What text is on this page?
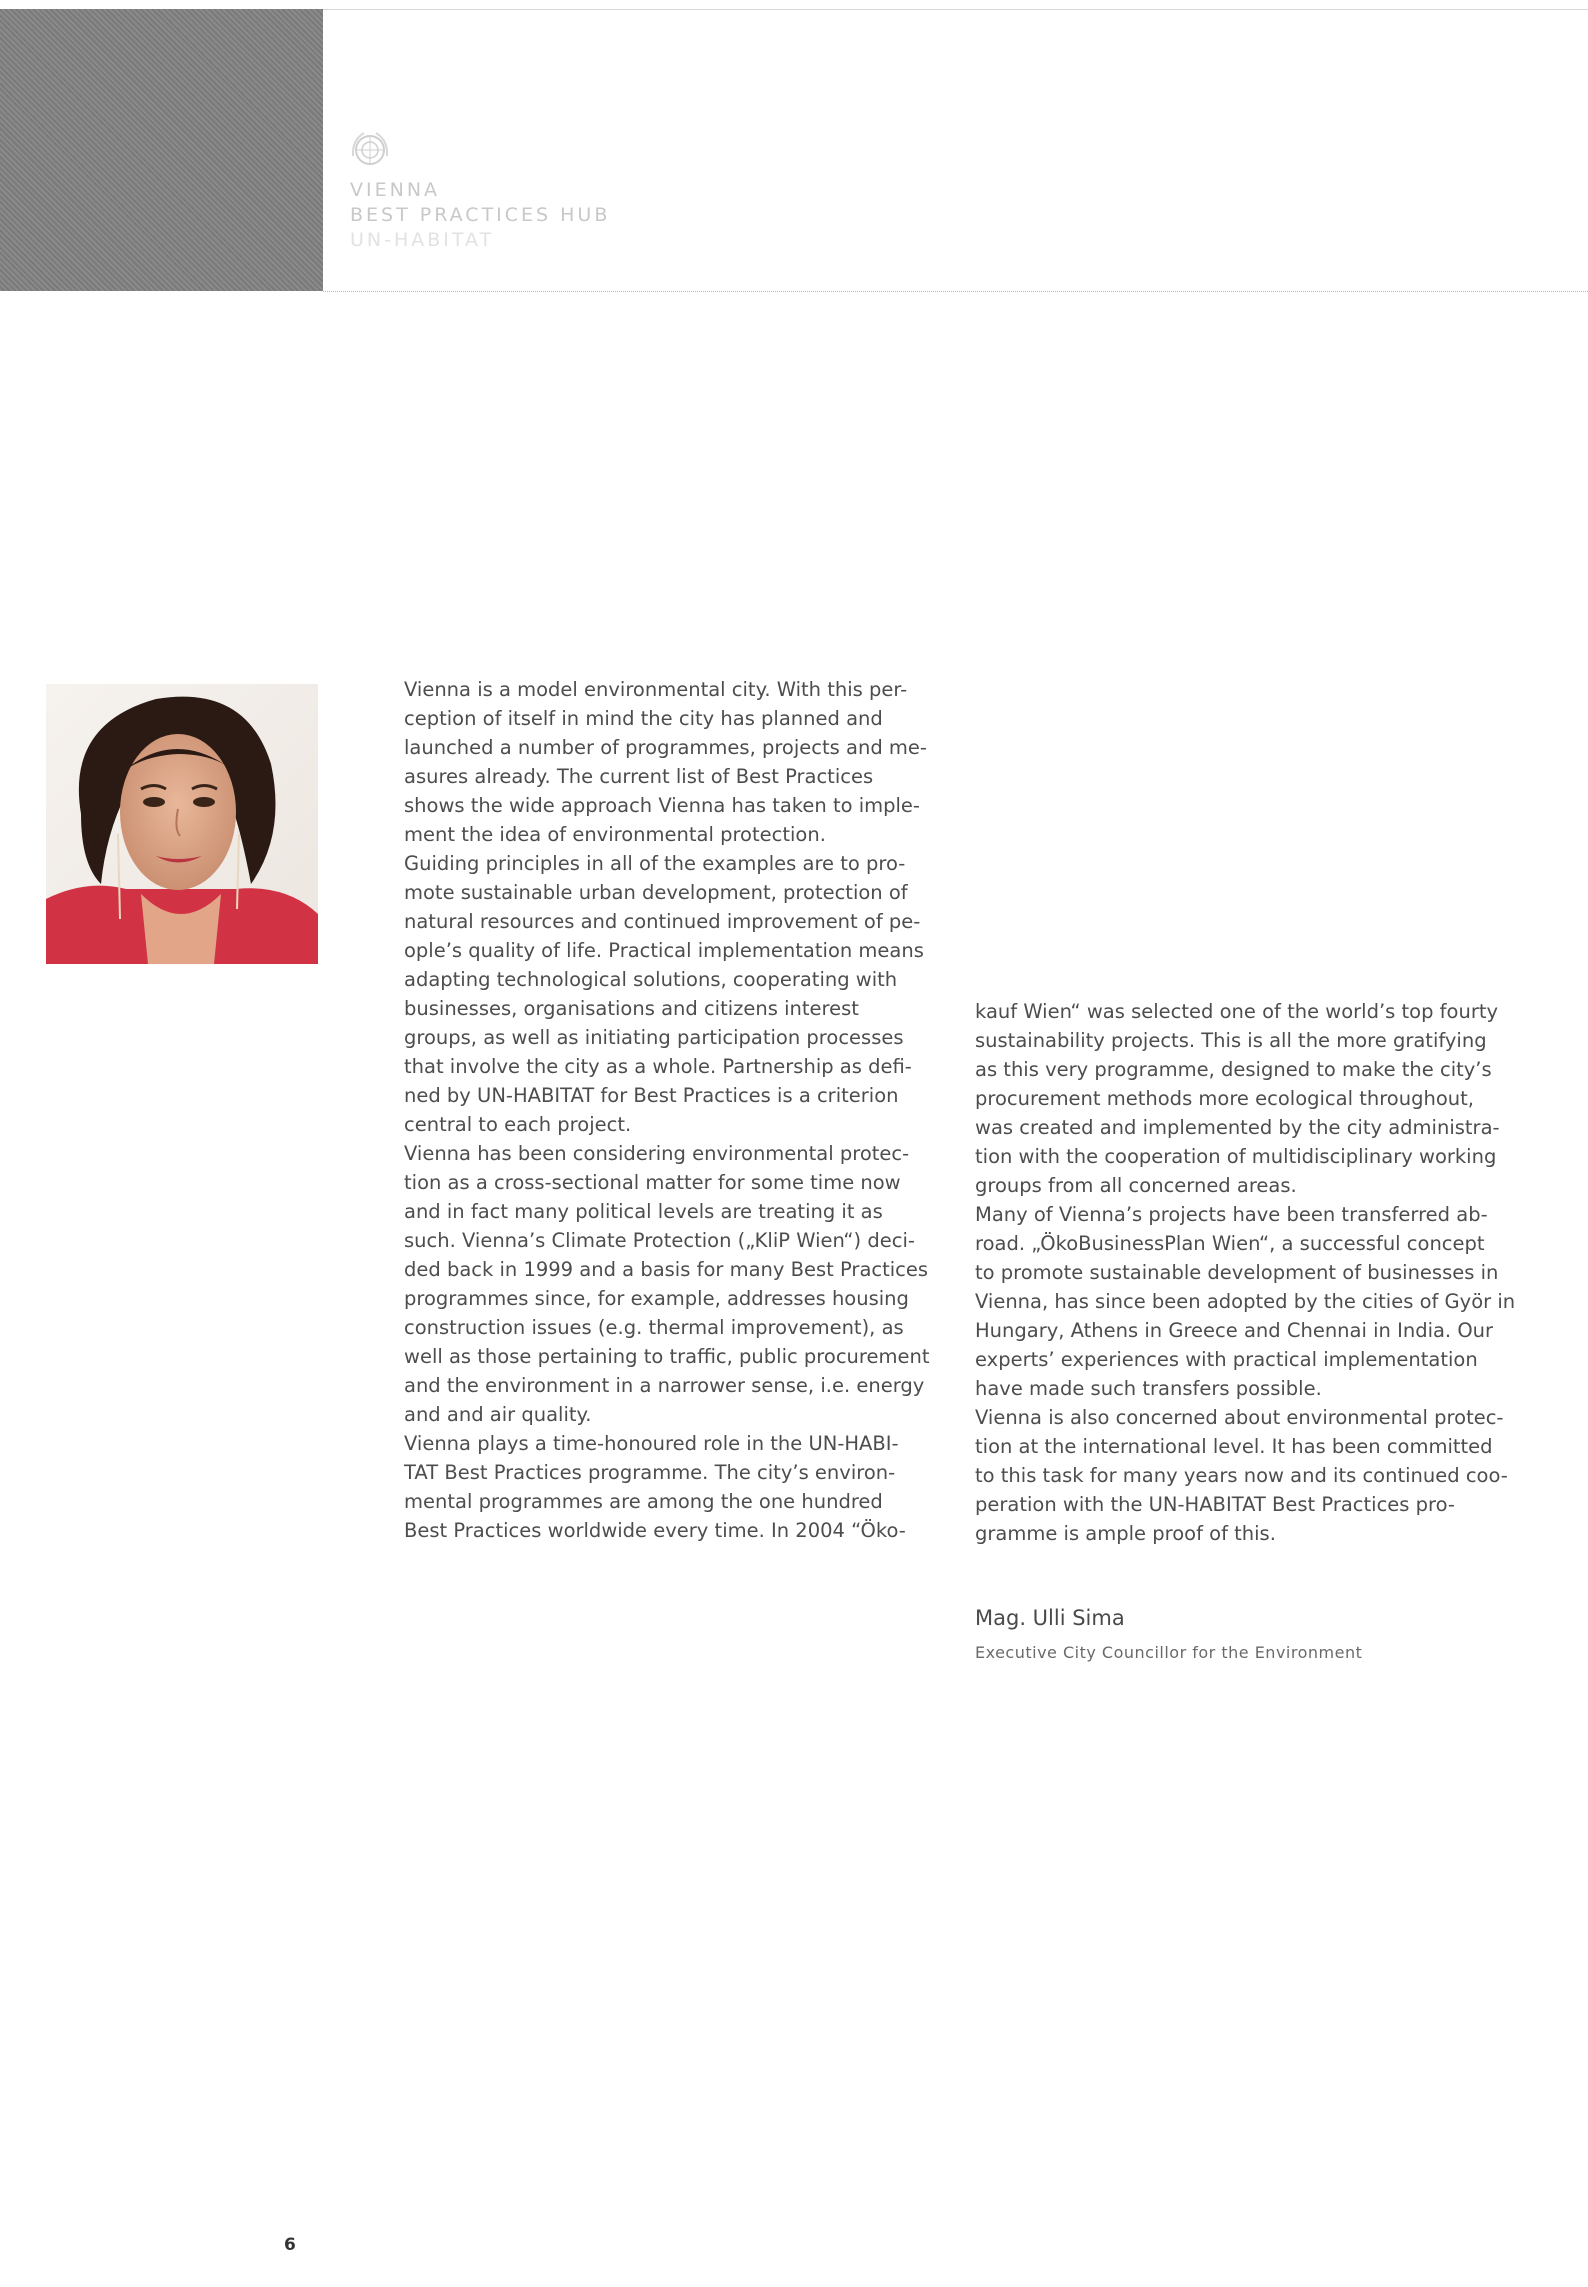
VIENNA
BEST PRACTICES HUB
UN-HABITAT
Vienna is a model environmental city. With this per-
ception of itself in mind the city has planned and
launched a number of programmes, projects and me-
asures already. The current list of Best Practices
shows the wide approach Vienna has taken to imple-
ment the idea of environmental protection.
Guiding principles in all of the examples are to pro-
mote sustainable urban development, protection of
natural resources and continued improvement of pe-
ople’s quality of life. Practical implementation means
adapting technological solutions, cooperating with
businesses, organisations and citizens interest
groups, as well as initiating participation processes
that involve the city as a whole. Partnership as defi-
ned by UN-HABITAT for Best Practices is a criterion
central to each project.
Vienna has been considering environmental protec-
tion as a cross-sectional matter for some time now
and in fact many political levels are treating it as
such. Vienna’s Climate Protection („KliP Wien“) deci-
ded back in 1999 and a basis for many Best Practices
programmes since, for example, addresses housing
construction issues (e.g. thermal improvement), as
well as those pertaining to traffic, public procurement
and the environment in a narrower sense, i.e. energy
and and air quality.
Vienna plays a time-honoured role in the UN-HABI-
TAT Best Practices programme. The city’s environ-
mental programmes are among the one hundred
Best Practices worldwide every time. In 2004 “Öko-
kauf Wien“ was selected one of the world’s top fourty
sustainability projects. This is all the more gratifying
as this very programme, designed to make the city’s
procurement methods more ecological throughout,
was created and implemented by the city administra-
tion with the cooperation of multidisciplinary working
groups from all concerned areas.
Many of Vienna’s projects have been transferred ab-
road. „ÖkoBusinessPlan Wien“, a successful concept
to promote sustainable development of businesses in
Vienna, has since been adopted by the cities of Györ in
Hungary, Athens in Greece and Chennai in India. Our
experts’ experiences with practical implementation
have made such transfers possible.
Vienna is also concerned about environmental protec-
tion at the international level. It has been committed
to this task for many years now and its continued coo-
peration with the UN-HABITAT Best Practices pro-
gramme is ample proof of this.
Mag. Ulli Sima
Executive City Councillor for the Environment
6
